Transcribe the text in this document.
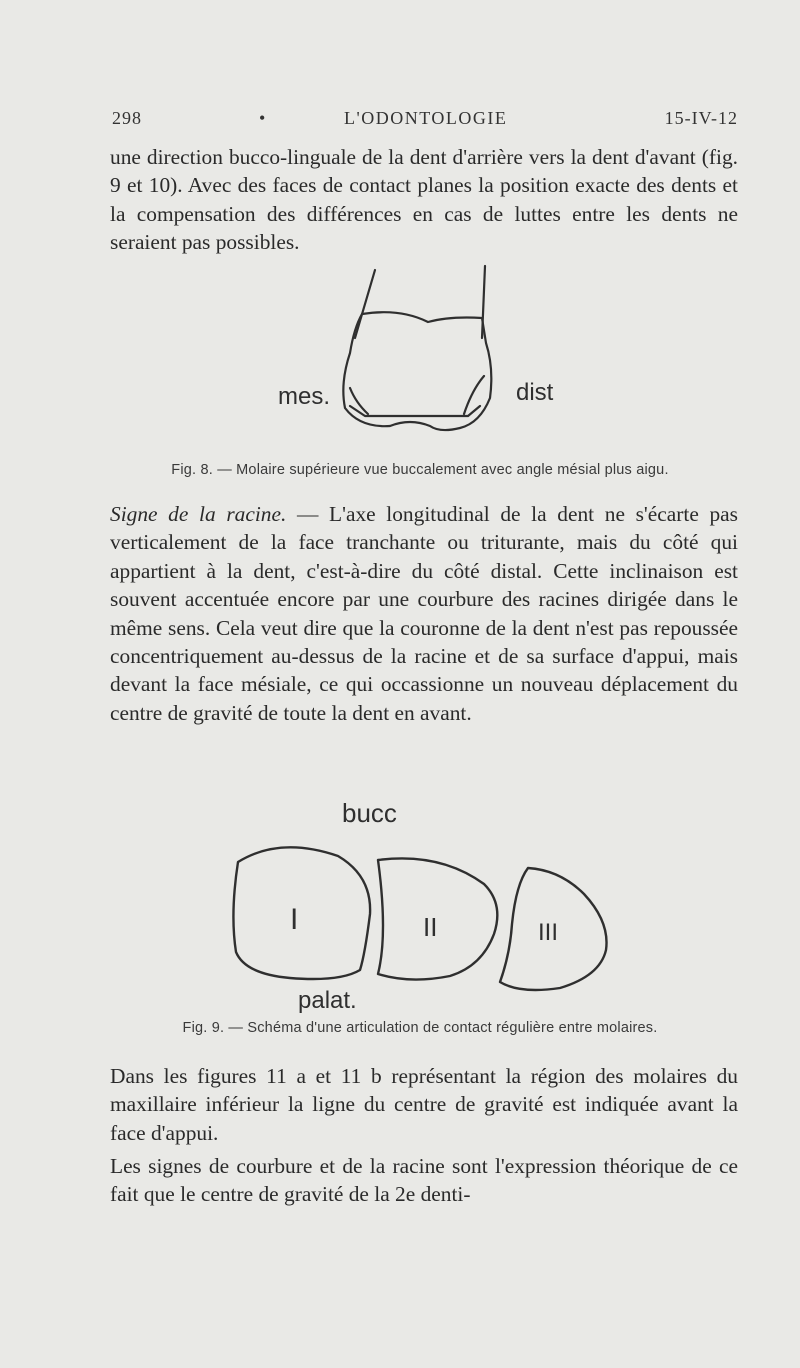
298	•	L'ODONTOLOGIE	15-IV-12
une direction bucco-linguale de la dent d'arrière vers la dent d'avant (fig. 9 et 10). Avec des faces de contact planes la position exacte des dents et la compensation des différences en cas de luttes entre les dents ne seraient pas possibles.
mes.	dist
Fig. 8. — Molaire supérieure vue buccalement avec angle mésial plus aigu.
Signe de la racine. — L'axe longitudinal de la dent ne s'écarte pas verticalement de la face tranchante ou triturante, mais du côté qui appartient à la dent, c'est-à-dire du côté distal. Cette inclinaison est souvent accentuée encore par une courbure des racines dirigée dans le même sens. Cela veut dire que la couronne de la dent n'est pas repoussée concentriquement au-dessus de la racine et de sa surface d'appui, mais devant la face mésiale, ce qui occassionne un nouveau déplacement du centre de gravité de toute la dent en avant.
bucc
I	II	III
palat.
Fig. 9. — Schéma d'une articulation de contact régulière entre molaires.
Dans les figures 11 a et 11 b représentant la région des molaires du maxillaire inférieur la ligne du centre de gravité est indiquée avant la face d'appui.
Les signes de courbure et de la racine sont l'expression théorique de ce fait que le centre de gravité de la 2e denti-
